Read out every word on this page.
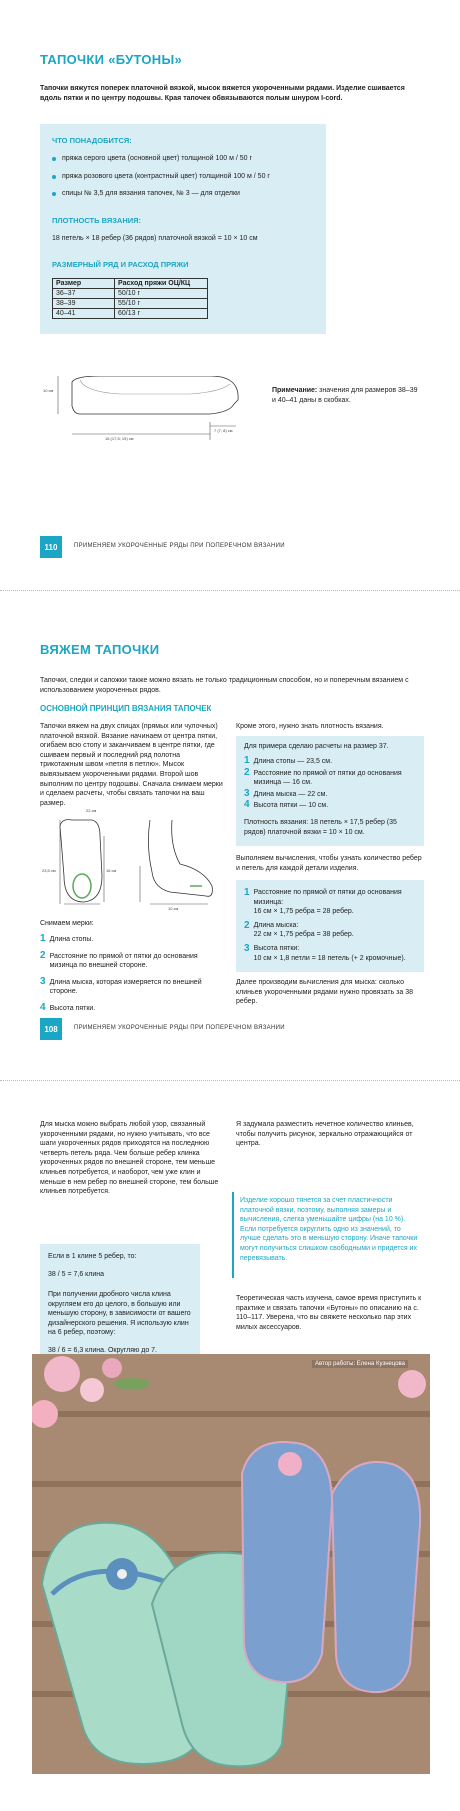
ТАПОЧКИ «БУТОНЫ»
Тапочки вяжутся поперек платочной вязкой, мысок вяжется укороченными рядами. Изделие сшивается вдоль пятки и по центру подошвы. Края тапочек обвязываются полым шнуром I-cord.
ЧТО ПОНАДОБИТСЯ:
пряжа серого цвета (основной цвет) толщиной 100 м / 50 г
пряжа розового цвета (контрастный цвет) толщиной 100 м / 50 г
спицы № 3,5 для вязания тапочек, № 3 — для отделки
ПЛОТНОСТЬ ВЯЗАНИЯ:
18 петель × 18 ребер (36 рядов) платочной вязкой = 10 × 10 см
РАЗМЕРНЫЙ РЯД И РАСХОД ПРЯЖИ
Размер	Расход пряжи ОЦ/КЦ
36–37	50/10 г
38–39	55/10 г
40–41	60/13 г
10 см
16 (17,5; 19) см
7 (7; 8) см
Примечание: значения для размеров 38–39 и 40–41 даны в скобках.
110	ПРИМЕНЯЕМ УКОРОЧЕННЫЕ РЯДЫ ПРИ ПОПЕРЕЧНОМ ВЯЗАНИИ
ВЯЖЕМ ТАПОЧКИ
Тапочки, следки и сапожки также можно вязать не только традиционным способом, но и поперечным вязанием с использованием укороченных рядов.
ОСНОВНОЙ ПРИНЦИП ВЯЗАНИЯ ТАПОЧЕК
Тапочки вяжем на двух спицах (прямых или чулочных) платочной вязкой. Вязание начинаем от центра пятки, огибаем всю стопу и заканчиваем в центре пятки, где сшиваем первый и последний ряд полотна трикотажным швом «петля в петлю». Мысок вывязываем укороченными рядами. Второй шов выполним по центру подошвы. Сначала снимаем мерки и сделаем расчеты, чтобы связать тапочки на ваш размер.
22 см
23,5 см	16 см
10 см
Снимаем мерки:
1 Длина стопы.
2 Расстояние по прямой от пятки до основания мизинца по внешней стороне.
3 Длина мыска, которая измеряется по внешней стороне.
4 Высота пятки.
Кроме этого, нужно знать плотность вязания.
Для примера сделаю расчеты на размер 37.
1 Длина стопы — 23,5 см.
2 Расстояние по прямой от пятки до основания мизинца — 16 см.
3 Длина мыска — 22 см.
4 Высота пятки — 10 см.
Плотность вязания: 18 петель × 17,5 ребер (35 рядов) платочной вязки = 10 × 10 см.
Выполняем вычисления, чтобы узнать количество ребер и петель для каждой детали изделия.
1 Расстояние по прямой от пятки до основания мизинца:
16 см × 1,75 ребра = 28 ребер.
2 Длина мыска:
22 см × 1,75 ребра = 38 ребер.
3 Высота пятки:
10 см × 1,8 петли = 18 петель (+ 2 кромочные).
Далее производим вычисления для мыска: сколько клиньев укороченными рядами нужно провязать за 38 ребер.
108	ПРИМЕНЯЕМ УКОРОЧЕННЫЕ РЯДЫ ПРИ ПОПЕРЕЧНОМ ВЯЗАНИИ
Для мыска можно выбрать любой узор, связанный укороченными рядами, но нужно учитывать, что все шаги укороченных рядов приходятся на последнюю четверть петель ряда. Чем больше ребер клинка укороченных рядов по внешней стороне, тем меньше клиньев потребуется, и наоборот, чем уже клин и меньше в нем ребер по внешней стороне, тем больше клиньев потребуется.
Я задумала разместить нечетное количество клиньев, чтобы получить рисунок, зеркально отражающийся от центра.
Если в 1 клине 5 ребер, то:
38 / 5 = 7,6 клина
При получении дробного числа клина округляем его до целого, в большую или меньшую сторону, в зависимости от вашего дизайнерского решения. Я использую клин на 6 ребер, поэтому:
38 / 6 = 6,3 клина. Округляю до 7.
Изделие хорошо тянется за счет пластичности платочной вязки, поэтому, выполняя замеры и вычисления, слегка уменьшайте цифры (на 10 %). Если потребуется округлить одно из значений, то лучше сделать это в меньшую сторону. Иначе тапочки могут получиться слишком свободными и придется их перевязывать.
Теоретическая часть изучена, самое время приступить к практике и связать тапочки «Бутоны» по описанию на с. 110–117. Уверена, что вы свяжете несколько пар этих милых аксессуаров.
Автор работы: Елена Кузнецова
